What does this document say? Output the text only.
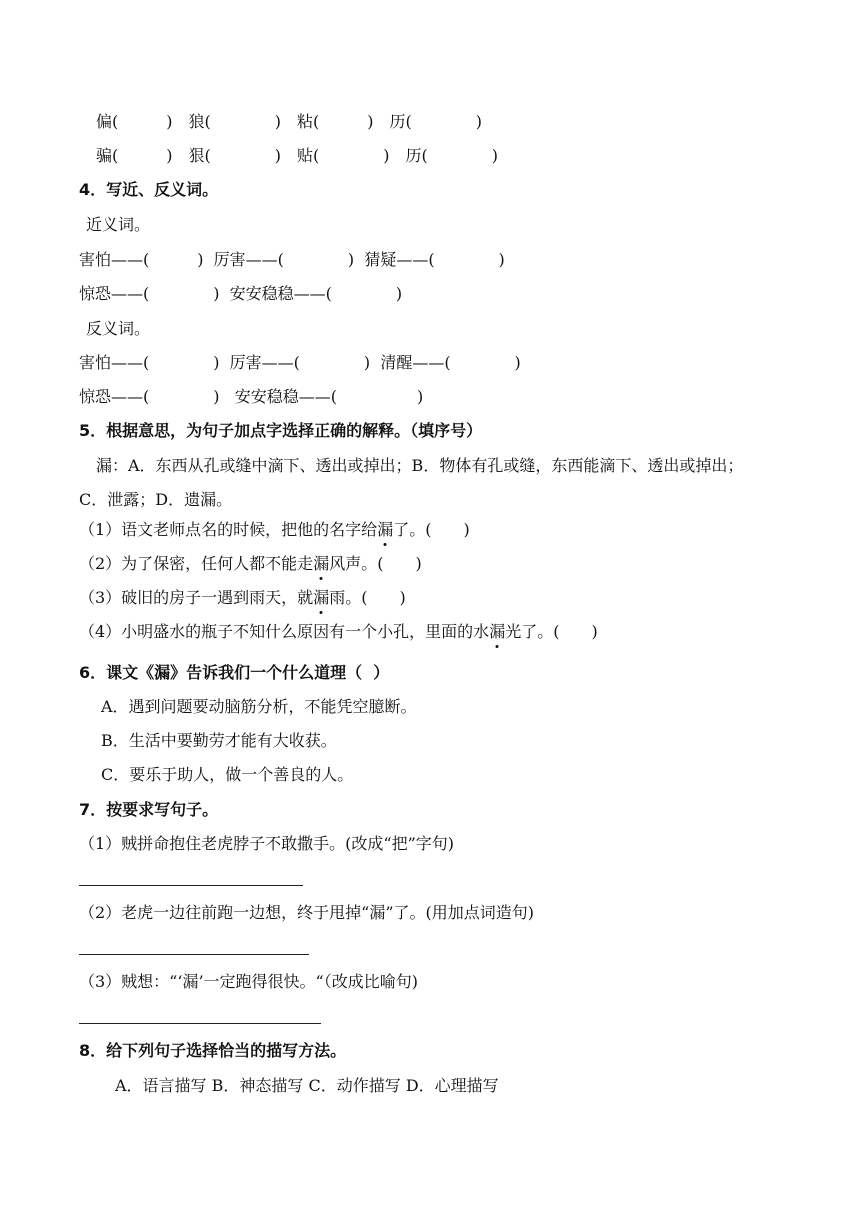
偏(　　　)　狼(　　　　)　粘(　　　)　历(　　　　)
骗(　　　)　狠(　　　　)　贴(　　　　)　历(　　　　)
4．写近、反义词。
近义词。
害怕——(　　　)  厉害——(　　　　)  猜疑——(　　　　)
惊恐——(　　　　)  安安稳稳——(　　　　)
反义词。
害怕——(　　　　)  厉害——(　　　　)  清醒——(　　　　)
惊恐——(　　　　)   安安稳稳——(　　　　　)
5．根据意思，为句子加点字选择正确的解释。（填序号）
漏：A．东西从孔或缝中滴下、透出或掉出；B．物体有孔或缝，东西能滴下、透出或掉出；
C．泄露；D．遗漏。
（1）语文老师点名的时候，把他的名字给漏了。(　　)
（2）为了保密，任何人都不能走漏风声。(　　)
（3）破旧的房子一遇到雨天，就漏雨。(　　)
（4）小明盛水的瓶子不知什么原因有一个小孔，里面的水漏光了。(　　)
6．课文《漏》告诉我们一个什么道理（  ）
A．遇到问题要动脑筋分析，不能凭空臆断。
B．生活中要勤劳才能有大收获。
C．要乐于助人，做一个善良的人。
7．按要求写句子。
（1）贼拼命抱住老虎脖子不敢撒手。(改成“把”字句)
（2）老虎一边往前跑一边想，终于甩掉“漏”了。(用加点词造句)
（3）贼想：“‘漏’一定跑得很快。“（改成比喻句)
8．给下列句子选择恰当的描写方法。
A．语言描写 B．神态描写 C．动作描写 D．心理描写
